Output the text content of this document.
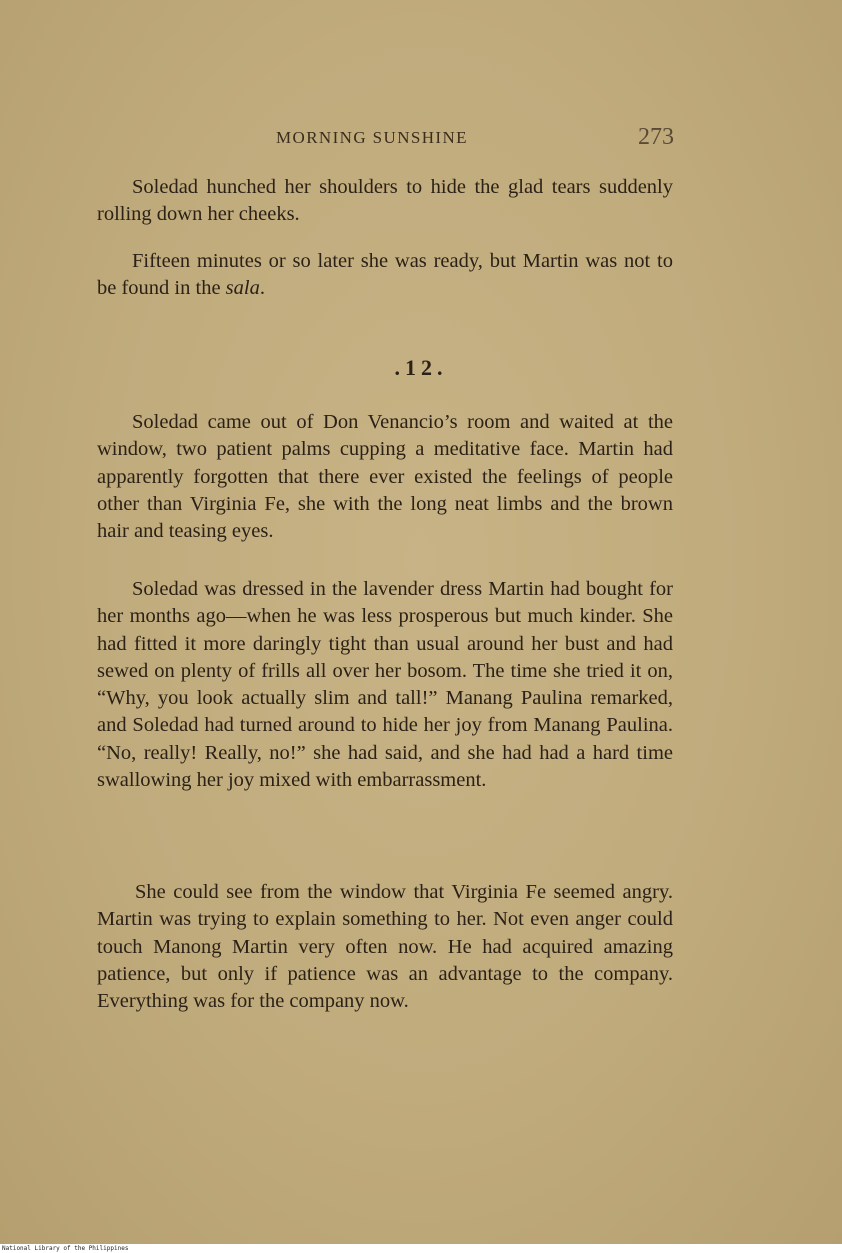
MORNING SUNSHINE	273

Soledad hunched her shoulders to hide the glad tears suddenly rolling down her cheeks.

Fifteen minutes or so later she was ready, but Martin was not to be found in the sala.

.12.

Soledad came out of Don Venancio’s room and waited at the window, two patient palms cupping a meditative face. Martin had apparently forgotten that there ever existed the feelings of people other than Virginia Fe, she with the long neat limbs and the brown hair and teasing eyes.

Soledad was dressed in the lavender dress Martin had bought for her months ago—when he was less prosperous but much kinder. She had fitted it more daringly tight than usual around her bust and had sewed on plenty of frills all over her bosom. The time she tried it on, “Why, you look actually slim and tall!” Manang Paulina remarked, and Soledad had turned around to hide her joy from Manang Paulina. “No, really! Really, no!” she had said, and she had had a hard time swallowing her joy mixed with embarrassment.

She could see from the window that Virginia Fe seemed angry. Martin was trying to explain something to her. Not even anger could touch Manong Martin very often now. He had acquired amazing patience, but only if patience was an advantage to the company. Everything was for the company now.

National Library of the Philippines
